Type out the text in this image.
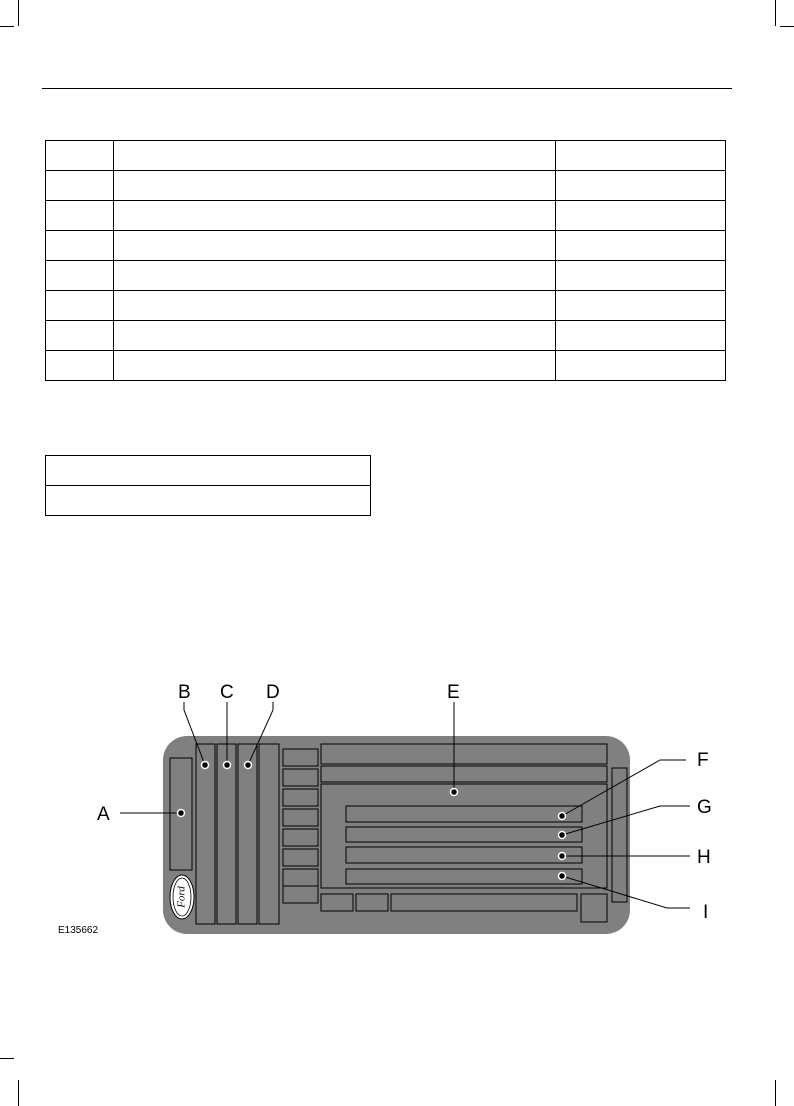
Ford
A
B C D	E
F
G
H
I
E135662
